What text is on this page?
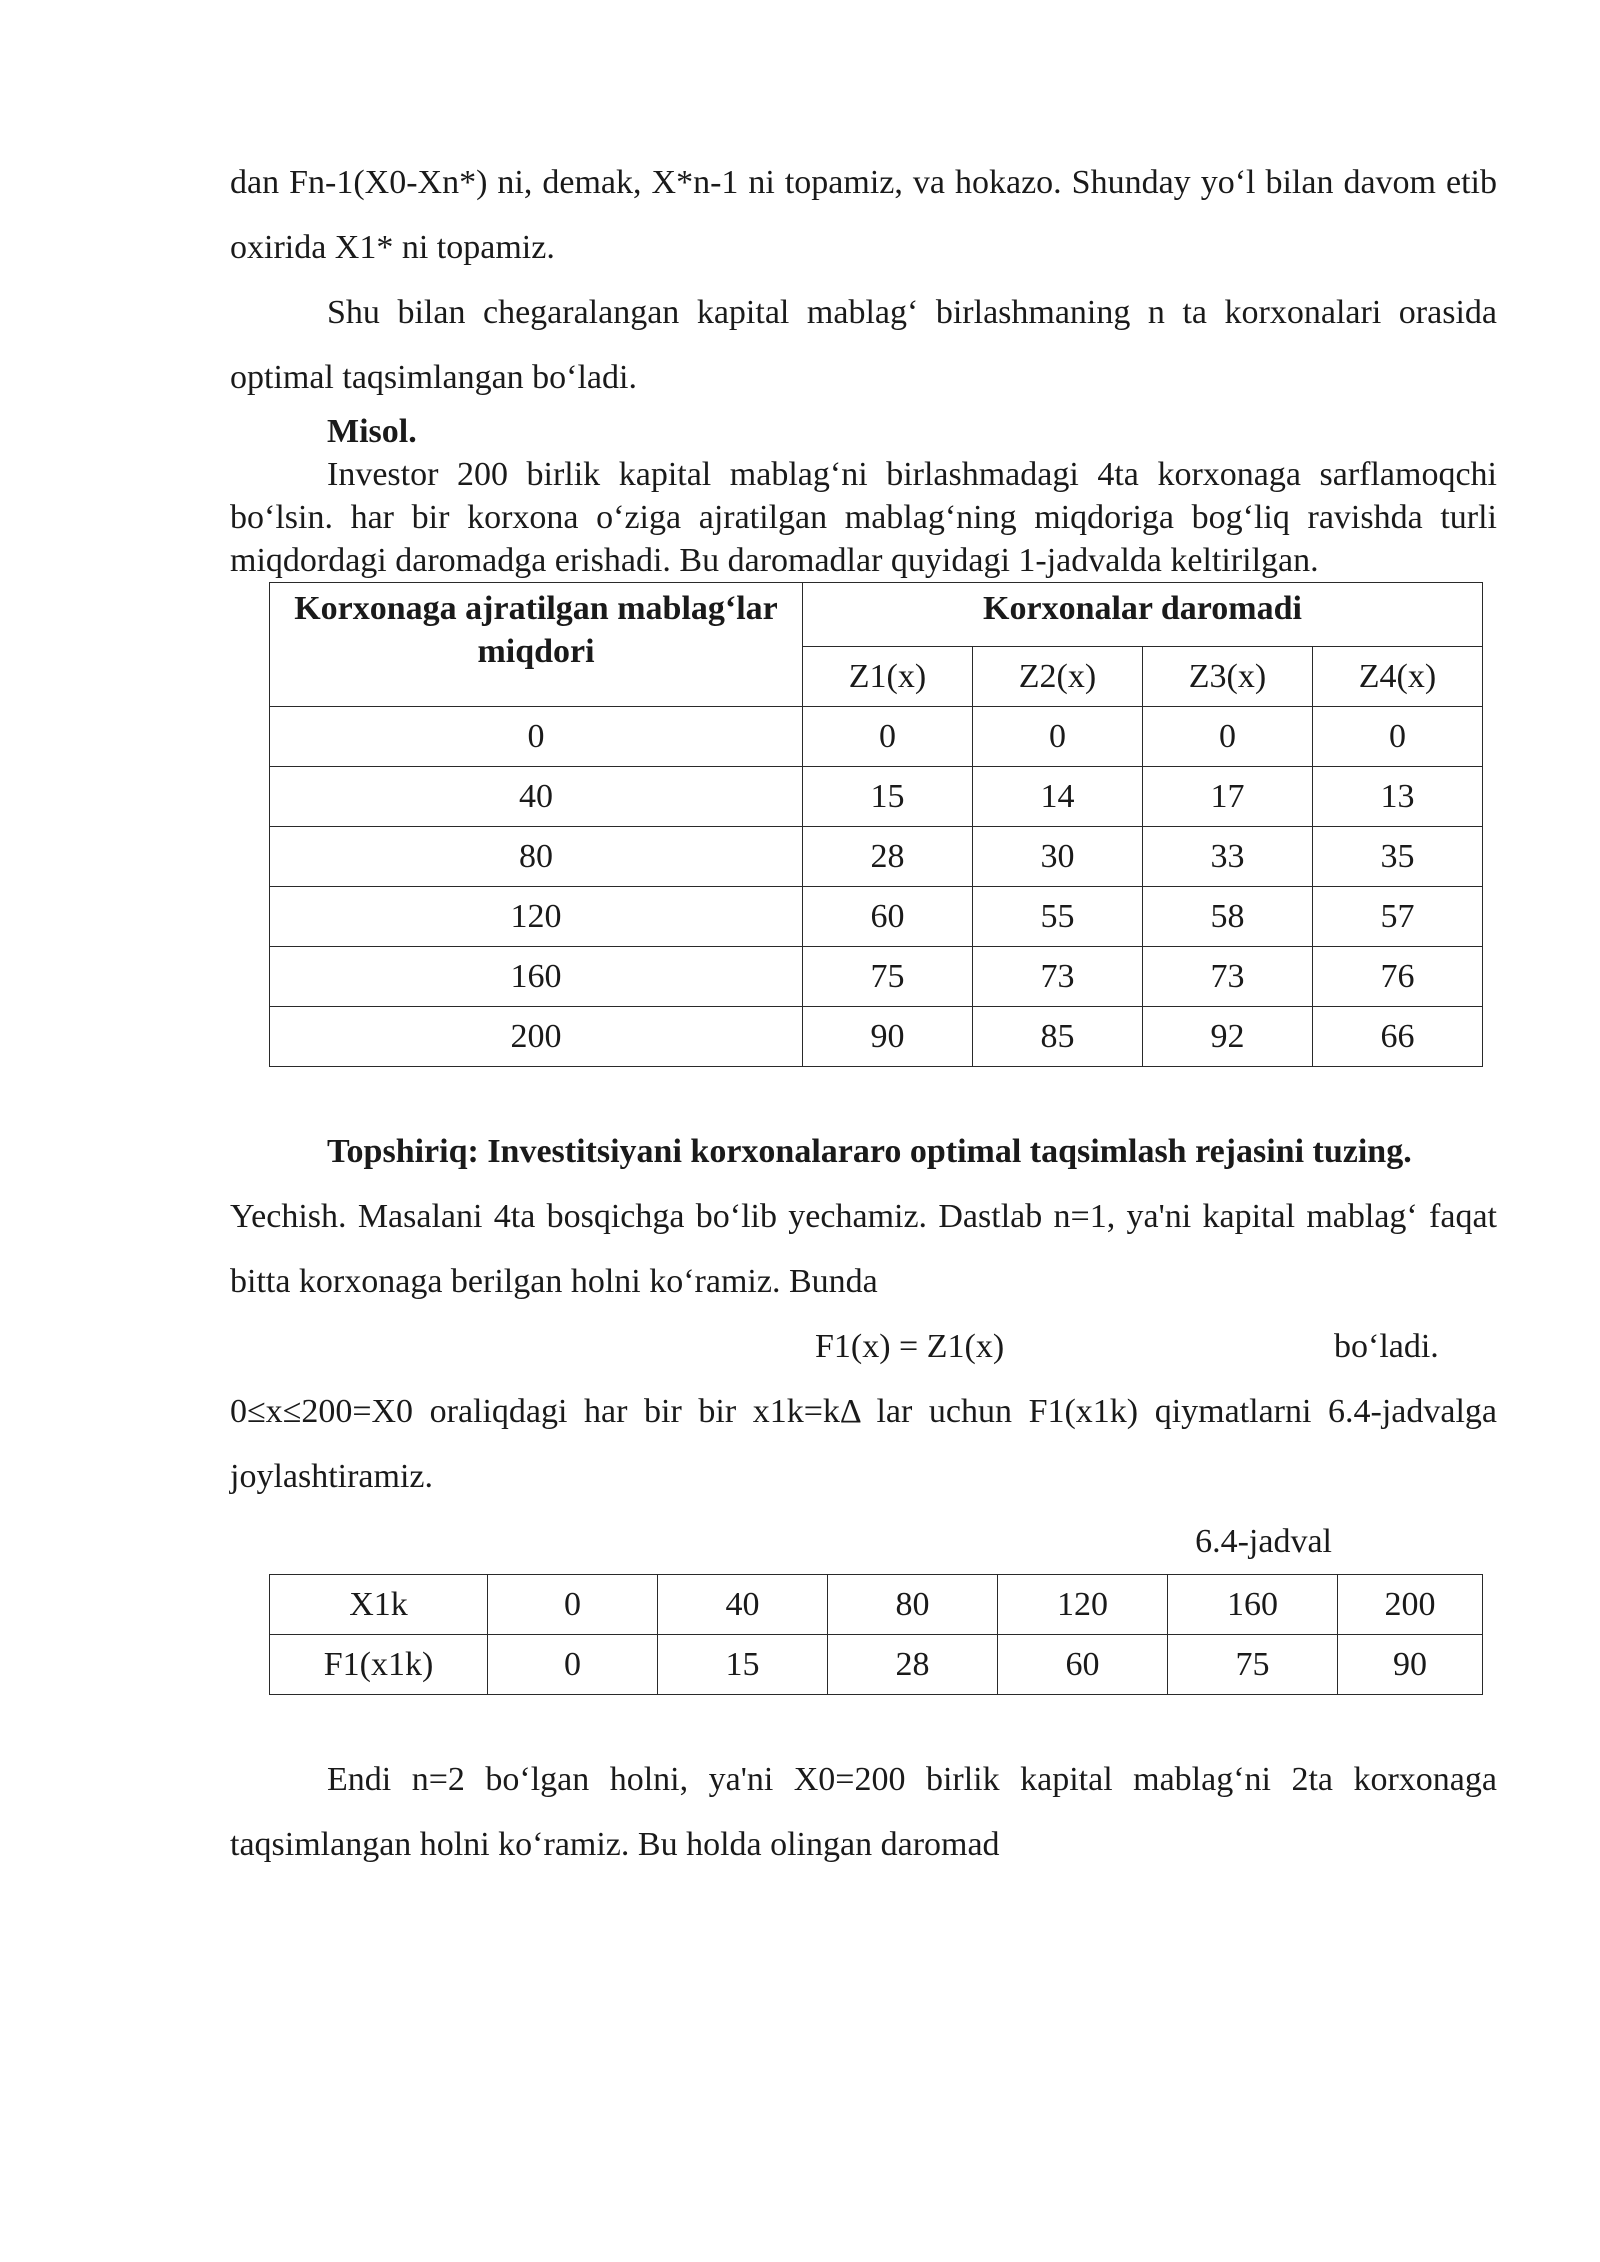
dan Fn-1(X0-Xn*) ni, demak, X*n-1 ni topamiz, va hokazo. Shunday yo‘l bilan davom etib oxirida X1* ni topamiz.

Shu bilan chegaralangan kapital mablag‘ birlashmaning n ta korxonalari orasida optimal taqsimlangan bo‘ladi.

Misol.

Investor 200 birlik kapital mablag‘ni birlashmadagi 4ta korxonaga sarflamoqchi bo‘lsin. har bir korxona o‘ziga ajratilgan mablag‘ning miqdoriga bog‘liq ravishda turli miqdordagi daromadga erishadi. Bu daromadlar quyidagi 1-jadvalda keltirilgan.

Korxonaga ajratilgan mablag‘lar miqdori	Korxonalar daromadi			
	Z1(x)	Z2(x)	Z3(x)	Z4(x)
0	0	0	0	0
40	15	14	17	13
80	28	30	33	35
120	60	55	58	57
160	75	73	73	76
200	90	85	92	66

Topshiriq: Investitsiyani korxonalararo optimal taqsimlash rejasini tuzing.

Yechish. Masalani 4ta bosqichga bo‘lib yechamiz. Dastlab n=1, ya'ni kapital mablag‘ faqat bitta korxonaga berilgan holni ko‘ramiz. Bunda

F1(x) = Z1(x)	bo‘ladi.

0≤x≤200=X0 oraliqdagi har bir bir x1k=kΔ lar uchun F1(x1k) qiymatlarni 6.4-jadvalga joylashtiramiz.

6.4-jadval
X1k	0	40	80	120	160	200
F1(x1k)	0	15	28	60	75	90

Endi n=2 bo‘lgan holni, ya'ni X0=200 birlik kapital mablag‘ni 2ta korxonaga taqsimlangan holni ko‘ramiz. Bu holda olingan daromad
